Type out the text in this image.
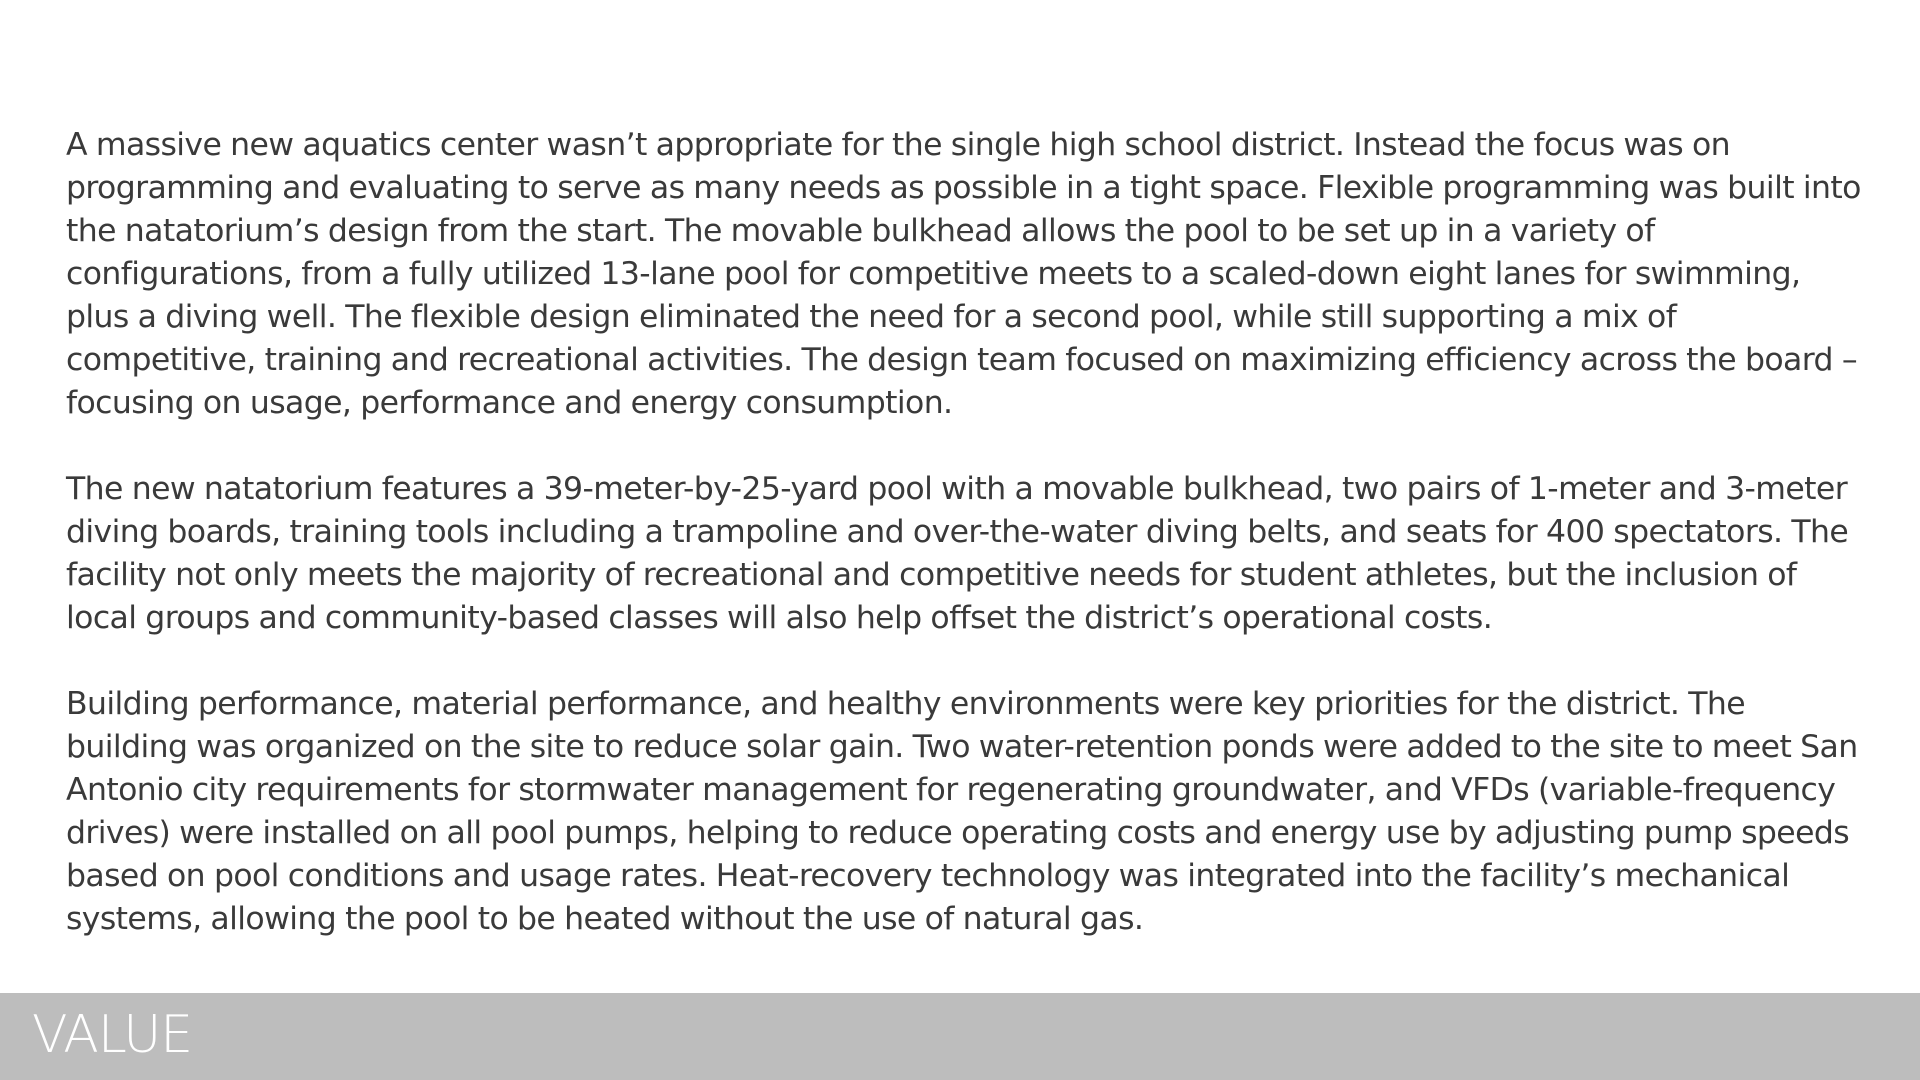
A massive new aquatics center wasn’t appropriate for the single high school district. Instead the focus was on programming and evaluating to serve as many needs as possible in a tight space. Flexible programming was built into the natatorium’s design from the start. The movable bulkhead allows the pool to be set up in a variety of configurations, from a fully utilized 13-lane pool for competitive meets to a scaled-down eight lanes for swimming, plus a diving well. The flexible design eliminated the need for a second pool, while still supporting a mix of competitive, training and recreational activities. The design team focused on maximizing efficiency across the board – focusing on usage, performance and energy consumption.

The new natatorium features a 39-meter-by-25-yard pool with a movable bulkhead, two pairs of 1-meter and 3-meter diving boards, training tools including a trampoline and over-the-water diving belts, and seats for 400 spectators. The facility not only meets the majority of recreational and competitive needs for student athletes, but the inclusion of local groups and community-based classes will also help offset the district’s operational costs.

Building performance, material performance, and healthy environments were key priorities for the district. The building was organized on the site to reduce solar gain. Two water-retention ponds were added to the site to meet San Antonio city requirements for stormwater management for regenerating groundwater, and VFDs (variable-frequency drives) were installed on all pool pumps, helping to reduce operating costs and energy use by adjusting pump speeds based on pool conditions and usage rates. Heat-recovery technology was integrated into the facility’s mechanical systems, allowing the pool to be heated without the use of natural gas.

VALUE
